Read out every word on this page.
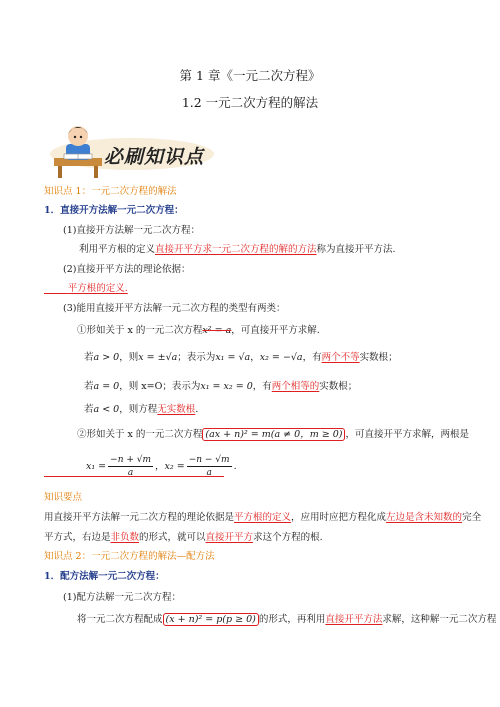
第 1 章《一元二次方程》
1.2 一元二次方程的解法
必刷知识点
知识点 1：一元二次方程的解法
1．直接开方法解一元二次方程：
(1)直接开方法解一元二次方程：
利用平方根的定义直接开平方求一元二次方程的解的方法称为直接开平方法.
(2)直接开平方法的理论依据：
   平方根的定义.
(3)能用直接开平方法解一元二次方程的类型有两类：
①形如关于 x 的一元二次方程x² = a，可直接开平方求解.
若a > 0，则x = ±√a；表示为x₁ = √a，x₂ = −√a，有两个不等实数根；
若a = 0，则 x=O；表示为x₁ = x₂ = 0，有两个相等的实数根；
若a < 0，则方程无实数根.
②形如关于 x 的一元二次方程 (ax + n)² = m(a ≠ 0，m ≥ 0) ，可直接开平方求解，两根是
$x_1 = \frac{-n + √m}{a}$ ，$x_2 = \frac{-n - √m}{a}$ .
知识要点
用直接开平方法解一元二次方程的理论依据是平方根的定义，应用时应把方程化成左边是含未知数的完全
平方式，右边是非负数的形式，就可以直接开平方求这个方程的根.
知识点 2：一元二次方程的解法—配方法
1．配方法解一元二次方程：
(1)配方法解一元二次方程：
将一元二次方程配成 (x + n)² = p(p ≥ 0) 的形式，再利用直接开平方法求解，这种解一元二次方程
